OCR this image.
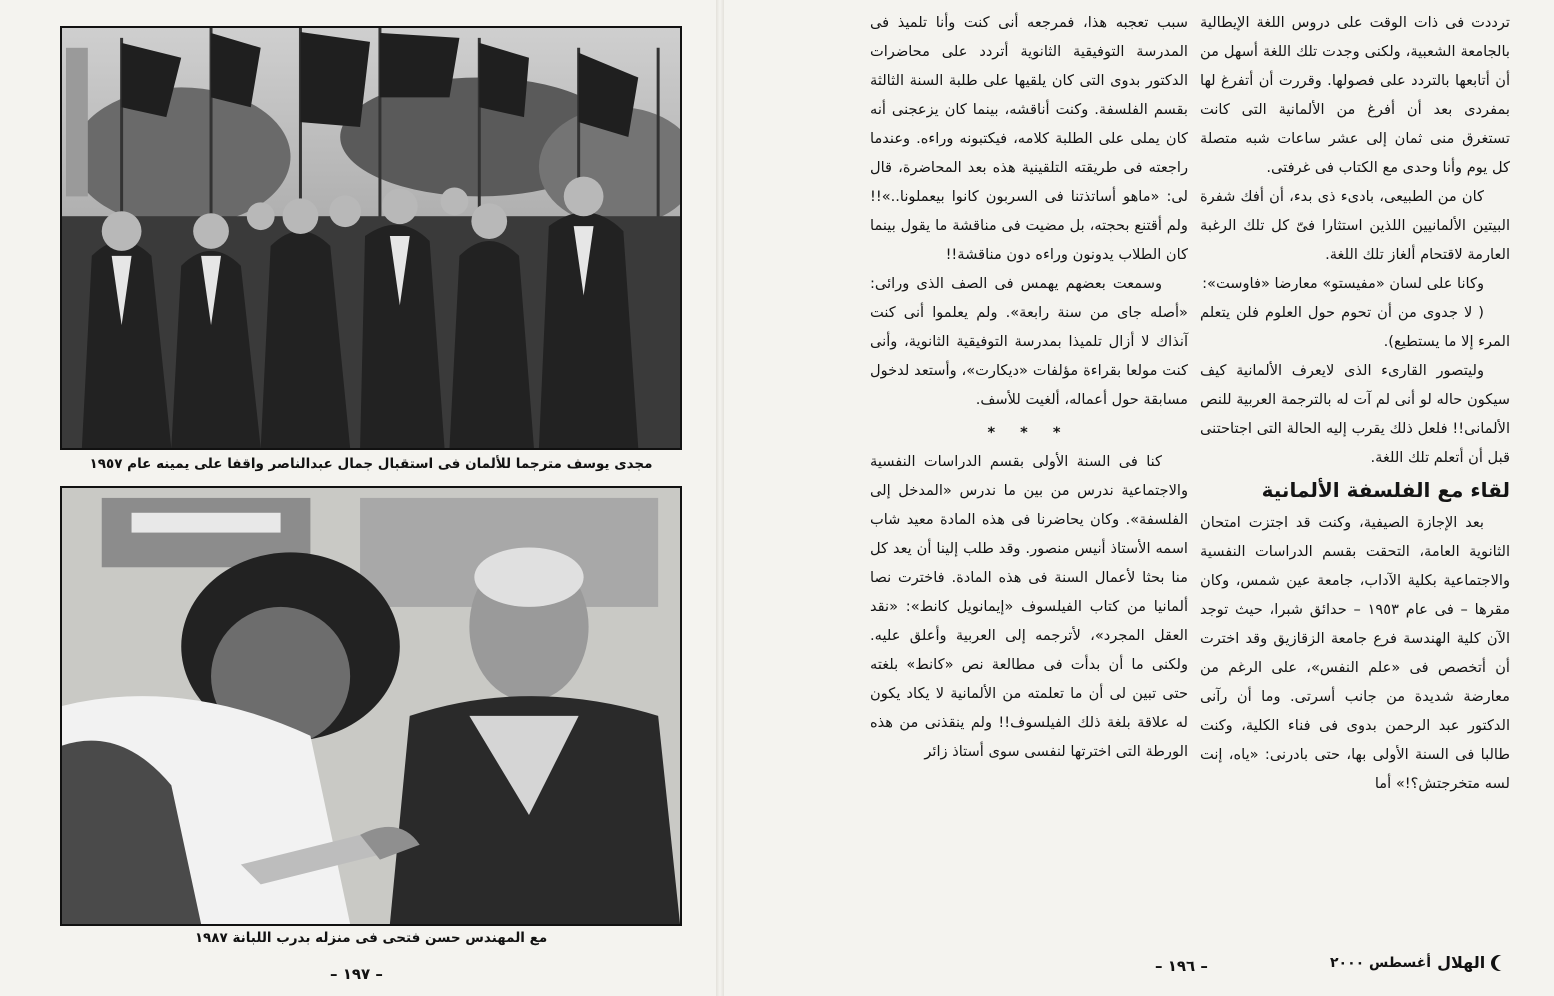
مجدى يوسف مترجما للألمان فى استقبال جمال عبدالناصر واقفا على يمينه عام ١٩٥٧
مع المهندس حسن فتحى فى منزله بدرب اللبانة ١٩٨٧
– ١٩٧ –

ترددت فى ذات الوقت على دروس اللغة الإيطالية بالجامعة الشعبية، ولكنى وجدت تلك اللغة أسهل من أن أتابعها بالتردد على فصولها. وقررت أن أتفرغ لها بمفردى بعد أن أفرغ من الألمانية التى كانت تستغرق منى ثمان إلى عشر ساعات شبه متصلة كل يوم وأنا وحدى مع الكتاب فى غرفتى.

كان من الطبيعى، بادىء ذى بدء، أن أفك شفرة البيتين الألمانيين اللذين استثارا فىّ كل تلك الرغبة العارمة لاقتحام ألغاز تلك اللغة.

وكانا على لسان «مفيستو» معارضا «فاوست»:

( لا جدوى من أن تحوم حول العلوم فلن يتعلم المرء إلا ما يستطيع).

وليتصور القارىء الذى لايعرف الألمانية كيف سيكون حاله لو أنى لم آت له بالترجمة العربية للنص الألمانى!! فلعل ذلك يقرب إليه الحالة التى اجتاحتنى قبل أن أتعلم تلك اللغة.

لقاء مع الفلسفة الألمانية

بعد الإجازة الصيفية، وكنت قد اجتزت امتحان الثانوية العامة، التحقت بقسم الدراسات النفسية والاجتماعية بكلية الآداب، جامعة عين شمس، وكان مقرها – فى عام ١٩٥٣ – حدائق شبرا، حيث توجد الآن كلية الهندسة فرع جامعة الزقازيق وقد اخترت أن أتخصص فى «علم النفس»، على الرغم من معارضة شديدة من جانب أسرتى. وما أن رآنى الدكتور عبد الرحمن بدوى فى فناء الكلية، وكنت طالبا فى السنة الأولى بها، حتى بادرنى: «ياه، إنت لسه متخرجتش؟!» أما

سبب تعجبه هذا، فمرجعه أنى كنت وأنا تلميذ فى المدرسة التوفيقية الثانوية أتردد على محاضرات الدكتور بدوى التى كان يلقيها على طلبة السنة الثالثة بقسم الفلسفة. وكنت أناقشه، بينما كان يزعجنى أنه كان يملى على الطلبة كلامه، فيكتبونه وراءه. وعندما راجعته فى طريقته التلقينية هذه بعد المحاضرة، قال لى: «ماهو أساتذتنا فى السربون كانوا بيعملونا..»!! ولم أقتنع بحجته، بل مضيت فى مناقشة ما يقول بينما كان الطلاب يدونون وراءه دون مناقشة!!

وسمعت بعضهم يهمس فى الصف الذى ورائى: «أصله جاى من سنة رابعة». ولم يعلموا أنى كنت آنذاك لا أزال تلميذا بمدرسة التوفيقية الثانوية، وأنى كنت مولعا بقراءة مؤلفات «ديكارت»، وأستعد لدخول مسابقة حول أعماله، ألغيت للأسف.

* * *

كنا فى السنة الأولى بقسم الدراسات النفسية والاجتماعية ندرس من بين ما ندرس «المدخل إلى الفلسفة». وكان يحاضرنا فى هذه المادة معيد شاب اسمه الأستاذ أنيس منصور. وقد طلب إلينا أن يعد كل منا بحثا لأعمال السنة فى هذه المادة. فاخترت نصا ألمانيا من كتاب الفيلسوف «إيمانويل كانط»: «نقد العقل المجرد»، لأترجمه إلى العربية وأعلق عليه. ولكنى ما أن بدأت فى مطالعة نص «كانط» بلغته حتى تبين لى أن ما تعلمته من الألمانية لا يكاد يكون له علاقة بلغة ذلك الفيلسوف!! ولم ينقذنى من هذه الورطة التى اخترتها لنفسى سوى أستاذ زائر

– ١٩٦ –	الهلال
أغسطس ٢٠٠٠
